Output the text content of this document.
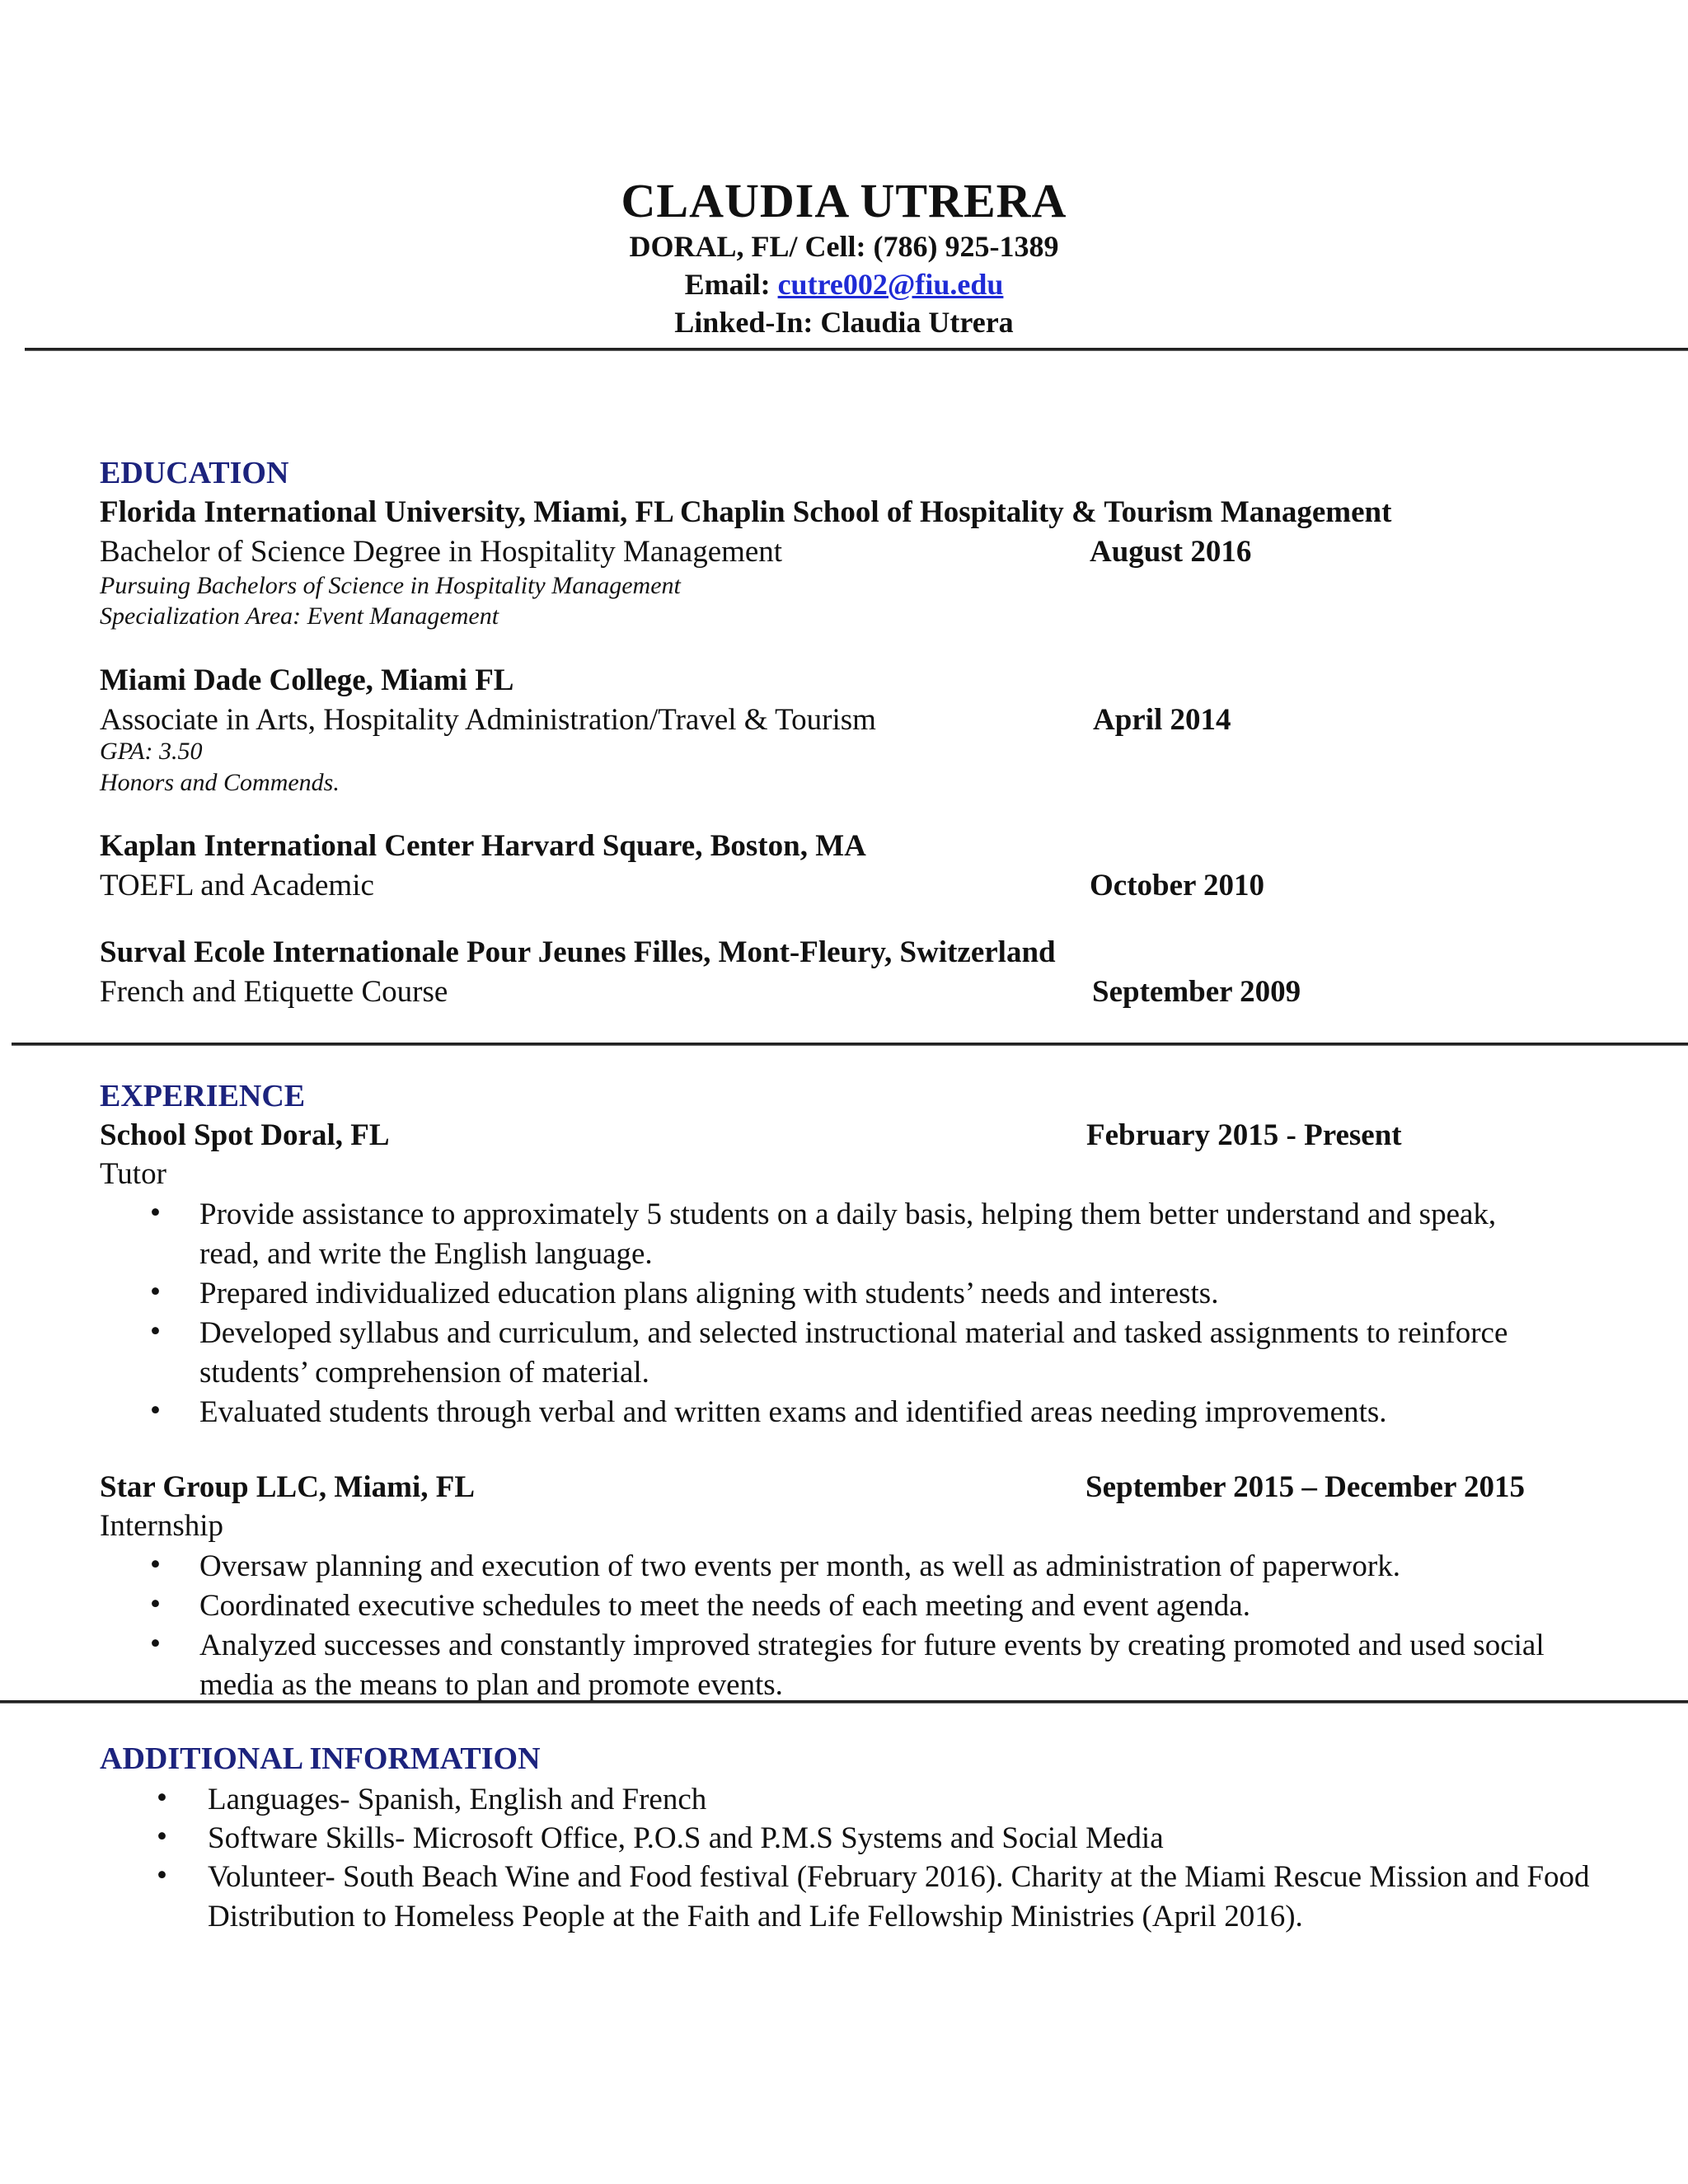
CLAUDIA UTRERA
DORAL, FL/ Cell: (786) 925-1389
Email: cutre002@fiu.edu
Linked-In: Claudia Utrera
EDUCATION
Florida International University, Miami, FL Chaplin School of Hospitality & Tourism Management
Bachelor of Science Degree in Hospitality Management	August 2016
Pursuing Bachelors of Science in Hospitality Management
Specialization Area: Event Management
Miami Dade College, Miami FL
Associate in Arts, Hospitality Administration/Travel & Tourism	April 2014
GPA: 3.50
Honors and Commends.
Kaplan International Center Harvard Square, Boston, MA
TOEFL and Academic	October 2010
Surval Ecole Internationale Pour Jeunes Filles, Mont-Fleury, Switzerland
French and Etiquette Course	September 2009
EXPERIENCE
School Spot Doral, FL	February 2015 - Present
Tutor
• Provide assistance to approximately 5 students on a daily basis, helping them better understand and speak, read, and write the English language.
• Prepared individualized education plans aligning with students’ needs and interests.
• Developed syllabus and curriculum, and selected instructional material and tasked assignments to reinforce students’ comprehension of material.
• Evaluated students through verbal and written exams and identified areas needing improvements.
Star Group LLC, Miami, FL	September 2015 – December 2015
Internship
• Oversaw planning and execution of two events per month, as well as administration of paperwork.
• Coordinated executive schedules to meet the needs of each meeting and event agenda.
• Analyzed successes and constantly improved strategies for future events by creating promoted and used social media as the means to plan and promote events.
ADDITIONAL INFORMATION
• Languages- Spanish, English and French
• Software Skills- Microsoft Office, P.O.S and P.M.S Systems and Social Media
• Volunteer- South Beach Wine and Food festival (February 2016). Charity at the Miami Rescue Mission and Food Distribution to Homeless People at the Faith and Life Fellowship Ministries (April 2016).
